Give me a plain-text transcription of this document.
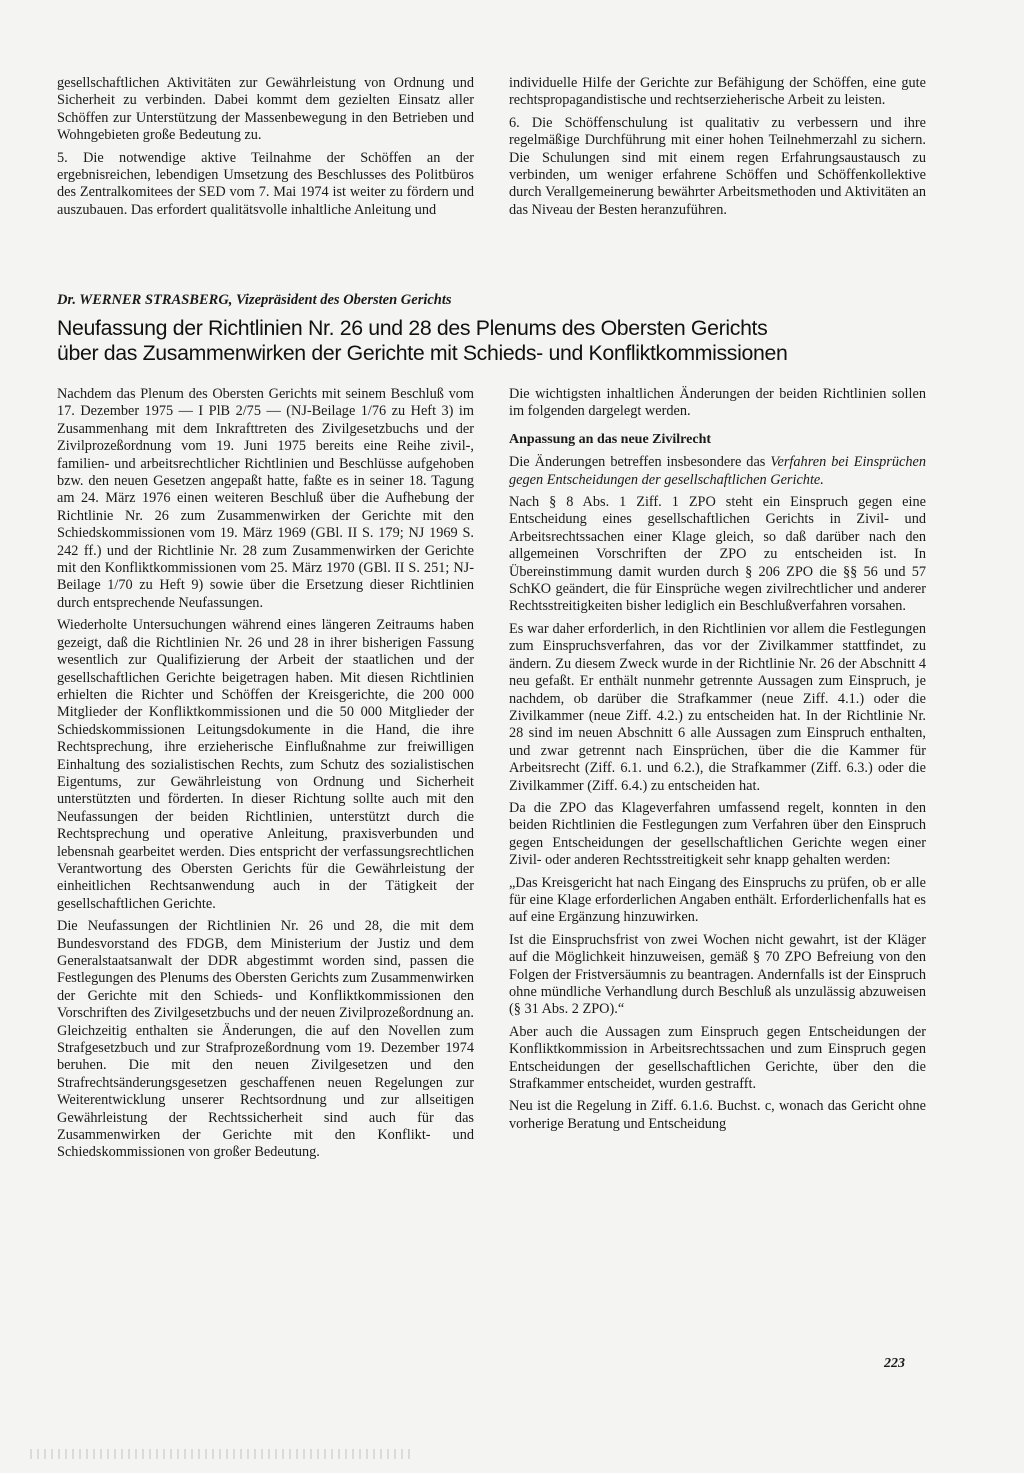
gesellschaftlichen Aktivitäten zur Gewährleistung von Ordnung und Sicherheit zu verbinden. Dabei kommt dem gezielten Einsatz aller Schöffen zur Unterstützung der Massenbewegung in den Betrieben und Wohngebieten große Bedeutung zu.

5. Die notwendige aktive Teilnahme der Schöffen an der ergebnisreichen, lebendigen Umsetzung des Beschlusses des Politbüros des Zentralkomitees der SED vom 7. Mai 1974 ist weiter zu fördern und auszubauen. Das erfordert qualitätsvolle inhaltliche Anleitung und

individuelle Hilfe der Gerichte zur Befähigung der Schöffen, eine gute rechtspropagandistische und rechtserzieherische Arbeit zu leisten.

6. Die Schöffenschulung ist qualitativ zu verbessern und ihre regelmäßige Durchführung mit einer hohen Teilnehmerzahl zu sichern. Die Schulungen sind mit einem regen Erfahrungsaustausch zu verbinden, um weniger erfahrene Schöffen und Schöffenkollektive durch Verallgemeinerung bewährter Arbeitsmethoden und Aktivitäten an das Niveau der Besten heranzuführen.

Dr. WERNER STRASBERG, Vizepräsident des Obersten Gerichts
Neufassung der Richtlinien Nr. 26 und 28 des Plenums des Obersten Gerichts
über das Zusammenwirken der Gerichte mit Schieds- und Konfliktkommissionen

Nachdem das Plenum des Obersten Gerichts mit seinem Beschluß vom 17. Dezember 1975 — I PlB 2/75 — (NJ-Beilage 1/76 zu Heft 3) im Zusammenhang mit dem Inkrafttreten des Zivilgesetzbuchs und der Zivilprozeßordnung vom 19. Juni 1975 bereits eine Reihe zivil-, familien- und arbeitsrechtlicher Richtlinien und Beschlüsse aufgehoben bzw. den neuen Gesetzen angepaßt hatte, faßte es in seiner 18. Tagung am 24. März 1976 einen weiteren Beschluß über die Aufhebung der Richtlinie Nr. 26 zum Zusammenwirken der Gerichte mit den Schiedskommissionen vom 19. März 1969 (GBl. II S. 179; NJ 1969 S. 242 ff.) und der Richtlinie Nr. 28 zum Zusammenwirken der Gerichte mit den Konfliktkommissionen vom 25. März 1970 (GBl. II S. 251; NJ-Beilage 1/70 zu Heft 9) sowie über die Ersetzung dieser Richtlinien durch entsprechende Neufassungen.

Wiederholte Untersuchungen während eines längeren Zeitraums haben gezeigt, daß die Richtlinien Nr. 26 und 28 in ihrer bisherigen Fassung wesentlich zur Qualifizierung der Arbeit der staatlichen und der gesellschaftlichen Gerichte beigetragen haben. Mit diesen Richtlinien erhielten die Richter und Schöffen der Kreisgerichte, die 200 000 Mitglieder der Konfliktkommissionen und die 50 000 Mitglieder der Schiedskommissionen Leitungsdokumente in die Hand, die ihre Rechtsprechung, ihre erzieherische Einflußnahme zur freiwilligen Einhaltung des sozialistischen Rechts, zum Schutz des sozialistischen Eigentums, zur Gewährleistung von Ordnung und Sicherheit unterstützten und förderten. In dieser Richtung sollte auch mit den Neufassungen der beiden Richtlinien, unterstützt durch die Rechtsprechung und operative Anleitung, praxisverbunden und lebensnah gearbeitet werden. Dies entspricht der verfassungsrechtlichen Verantwortung des Obersten Gerichts für die Gewährleistung der einheitlichen Rechtsanwendung auch in der Tätigkeit der gesellschaftlichen Gerichte.

Die Neufassungen der Richtlinien Nr. 26 und 28, die mit dem Bundesvorstand des FDGB, dem Ministerium der Justiz und dem Generalstaatsanwalt der DDR abgestimmt worden sind, passen die Festlegungen des Plenums des Obersten Gerichts zum Zusammenwirken der Gerichte mit den Schieds- und Konfliktkommissionen den Vorschriften des Zivilgesetzbuchs und der neuen Zivilprozeßordnung an. Gleichzeitig enthalten sie Änderungen, die auf den Novellen zum Strafgesetzbuch und zur Strafprozeßordnung vom 19. Dezember 1974 beruhen. Die mit den neuen Zivilgesetzen und den Strafrechtsänderungsgesetzen geschaffenen neuen Regelungen zur Weiterentwicklung unserer Rechtsordnung und zur allseitigen Gewährleistung der Rechtssicherheit sind auch für das Zusammenwirken der Gerichte mit den Konflikt- und Schiedskommissionen von großer Bedeutung.

Die wichtigsten inhaltlichen Änderungen der beiden Richtlinien sollen im folgenden dargelegt werden.

Anpassung an das neue Zivilrecht

Die Änderungen betreffen insbesondere das Verfahren bei Einsprüchen gegen Entscheidungen der gesellschaftlichen Gerichte.

Nach § 8 Abs. 1 Ziff. 1 ZPO steht ein Einspruch gegen eine Entscheidung eines gesellschaftlichen Gerichts in Zivil- und Arbeitsrechtssachen einer Klage gleich, so daß darüber nach den allgemeinen Vorschriften der ZPO zu entscheiden ist. In Übereinstimmung damit wurden durch § 206 ZPO die §§ 56 und 57 SchKO geändert, die für Einsprüche wegen zivilrechtlicher und anderer Rechtsstreitigkeiten bisher lediglich ein Beschlußverfahren vorsahen.

Es war daher erforderlich, in den Richtlinien vor allem die Festlegungen zum Einspruchsverfahren, das vor der Zivilkammer stattfindet, zu ändern. Zu diesem Zweck wurde in der Richtlinie Nr. 26 der Abschnitt 4 neu gefaßt. Er enthält nunmehr getrennte Aussagen zum Einspruch, je nachdem, ob darüber die Strafkammer (neue Ziff. 4.1.) oder die Zivilkammer (neue Ziff. 4.2.) zu entscheiden hat. In der Richtlinie Nr. 28 sind im neuen Abschnitt 6 alle Aussagen zum Einspruch enthalten, und zwar getrennt nach Einsprüchen, über die die Kammer für Arbeitsrecht (Ziff. 6.1. und 6.2.), die Strafkammer (Ziff. 6.3.) oder die Zivilkammer (Ziff. 6.4.) zu entscheiden hat.

Da die ZPO das Klageverfahren umfassend regelt, konnten in den beiden Richtlinien die Festlegungen zum Verfahren über den Einspruch gegen Entscheidungen der gesellschaftlichen Gerichte wegen einer Zivil- oder anderen Rechtsstreitigkeit sehr knapp gehalten werden:

„Das Kreisgericht hat nach Eingang des Einspruchs zu prüfen, ob er alle für eine Klage erforderlichen Angaben enthält. Erforderlichenfalls hat es auf eine Ergänzung hinzuwirken.

Ist die Einspruchsfrist von zwei Wochen nicht gewahrt, ist der Kläger auf die Möglichkeit hinzuweisen, gemäß § 70 ZPO Befreiung von den Folgen der Fristversäumnis zu beantragen. Andernfalls ist der Einspruch ohne mündliche Verhandlung durch Beschluß als unzulässig abzuweisen (§ 31 Abs. 2 ZPO).“

Aber auch die Aussagen zum Einspruch gegen Entscheidungen der Konfliktkommission in Arbeitsrechtssachen und zum Einspruch gegen Entscheidungen der gesellschaftlichen Gerichte, über den die Strafkammer entscheidet, wurden gestrafft.

Neu ist die Regelung in Ziff. 6.1.6. Buchst. c, wonach das Gericht ohne vorherige Beratung und Entscheidung

223
